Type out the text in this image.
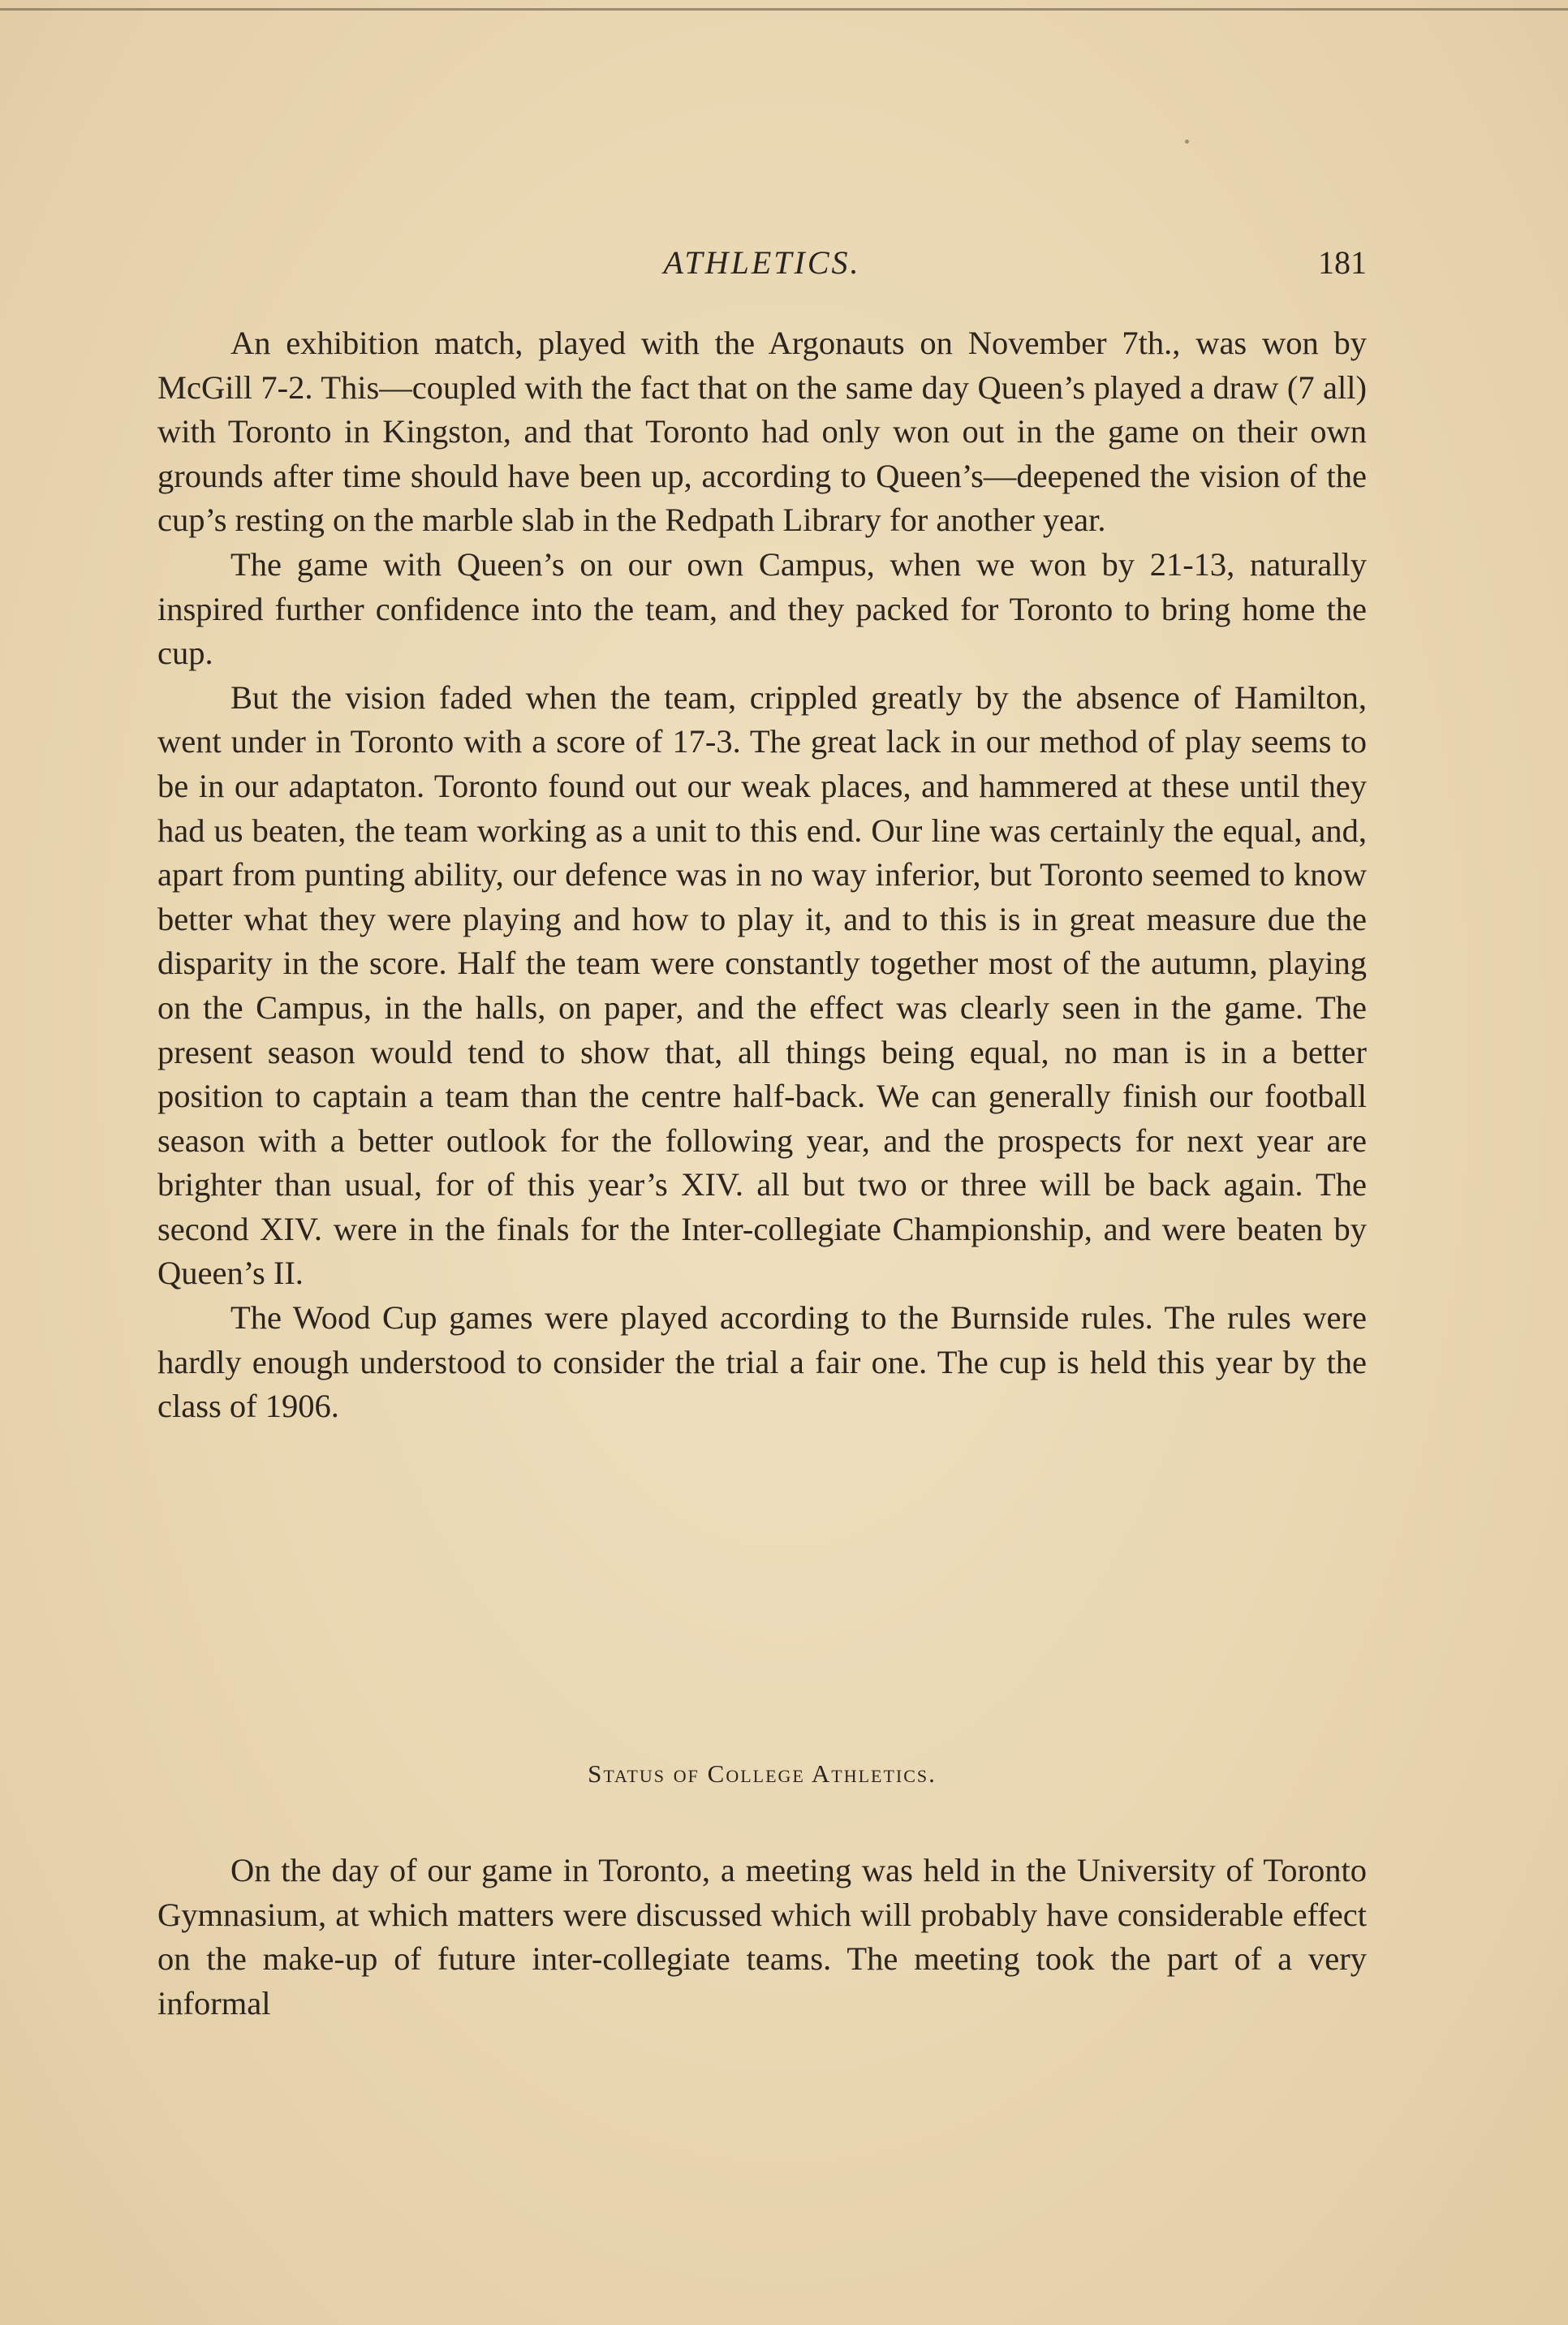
ATHLETICS.	181

An exhibition match, played with the Argonauts on November 7th., was won by McGill 7-2. This—coupled with the fact that on the same day Queen’s played a draw (7 all) with Toronto in Kingston, and that Toronto had only won out in the game on their own grounds after time should have been up, according to Queen’s—deepened the vision of the cup’s resting on the marble slab in the Redpath Library for another year.

The game with Queen’s on our own Campus, when we won by 21-13, naturally inspired further confidence into the team, and they packed for Toronto to bring home the cup.

But the vision faded when the team, crippled greatly by the absence of Hamilton, went under in Toronto with a score of 17-3. The great lack in our method of play seems to be in our adaptaton. Toronto found out our weak places, and hammered at these until they had us beaten, the team working as a unit to this end. Our line was certainly the equal, and, apart from punting ability, our defence was in no way inferior, but Toronto seemed to know better what they were playing and how to play it, and to this is in great measure due the disparity in the score. Half the team were constantly together most of the autumn, playing on the Campus, in the halls, on paper, and the effect was clearly seen in the game. The present season would tend to show that, all things being equal, no man is in a better position to captain a team than the centre half-back. We can generally finish our football season with a better outlook for the following year, and the prospects for next year are brighter than usual, for of this year’s XIV. all but two or three will be back again. The second XIV. were in the finals for the Inter-collegiate Championship, and were beaten by Queen’s II.

The Wood Cup games were played according to the Burnside rules. The rules were hardly enough understood to consider the trial a fair one. The cup is held this year by the class of 1906.

Status of College Athletics.

On the day of our game in Toronto, a meeting was held in the University of Toronto Gymnasium, at which matters were discussed which will probably have considerable effect on the make-up of future inter-collegiate teams. The meeting took the part of a very informal
